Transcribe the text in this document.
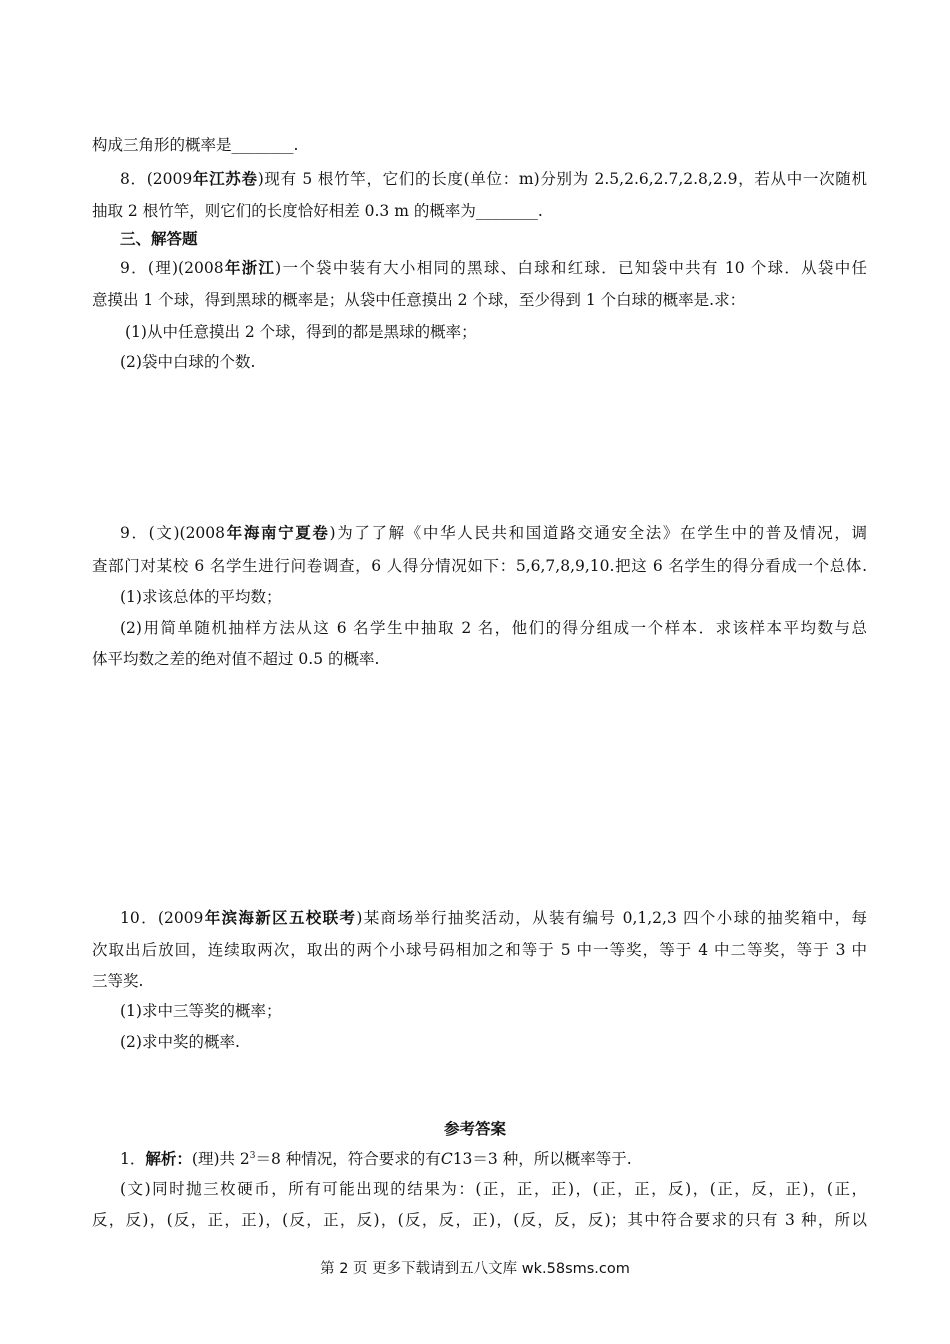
构成三角形的概率是________.
8．(2009年江苏卷)现有 5 根竹竿，它们的长度(单位：m)分别为 2.5,2.6,2.7,2.8,2.9，若从中一次随机
抽取 2 根竹竿，则它们的长度恰好相差 0.3 m 的概率为________.
三、解答题
9．(理)(2008年浙江)一个袋中装有大小相同的黑球、白球和红球．已知袋中共有 10 个球．从袋中任
意摸出 1 个球，得到黑球的概率是；从袋中任意摸出 2 个球，至少得到 1 个白球的概率是.求：
(1)从中任意摸出 2 个球，得到的都是黑球的概率；
(2)袋中白球的个数.
9．(文)(2008年海南宁夏卷)为了了解《中华人民共和国道路交通安全法》在学生中的普及情况，调
查部门对某校 6 名学生进行问卷调查，6 人得分情况如下：5,6,7,8,9,10.把这 6 名学生的得分看成一个总体.
(1)求该总体的平均数；
(2)用简单随机抽样方法从这 6 名学生中抽取 2 名，他们的得分组成一个样本．求该样本平均数与总
体平均数之差的绝对值不超过 0.5 的概率.
10．(2009年滨海新区五校联考)某商场举行抽奖活动，从装有编号 0,1,2,3 四个小球的抽奖箱中，每
次取出后放回，连续取两次，取出的两个小球号码相加之和等于 5 中一等奖，等于 4 中二等奖，等于 3 中
三等奖.
(1)求中三等奖的概率；
(2)求中奖的概率.
参考答案
1．解析：(理)共 $2^3=8$ 种情况，符合要求的有C13＝3 种，所以概率等于.
(文)同时抛三枚硬币，所有可能出现的结果为：(正，正，正)，(正，正，反)，(正，反，正)，(正，
反，反)，(反，正，正)，(反，正，反)，(反，反，正)，(反，反，反)；其中符合要求的只有 3 种，所以
第 2 页 更多下载请到五八文库 wk.58sms.com
